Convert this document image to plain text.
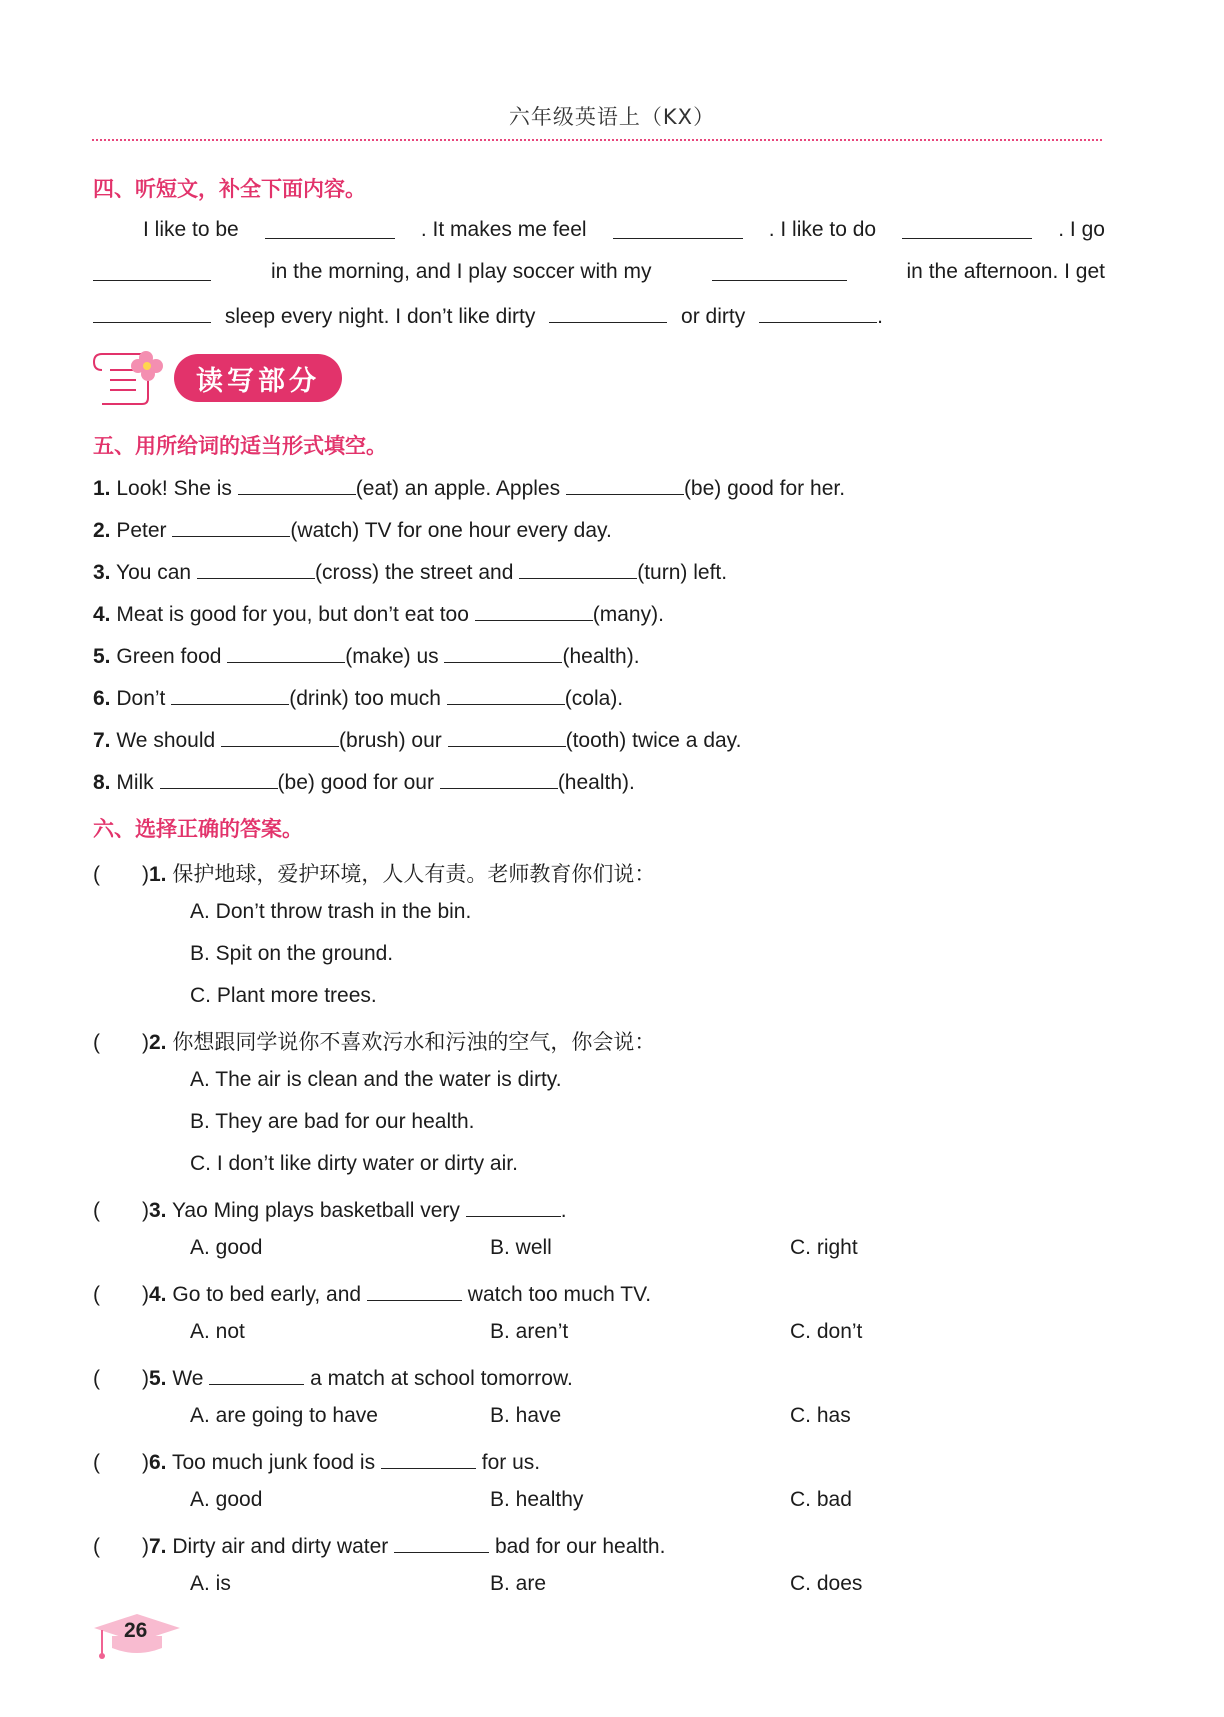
六年级英语上（KX）
四、听短文，补全下面内容。
I like to be	. It makes me feel	. I like to do	. I go
in the morning, and I play soccer with my	in the afternoon. I get
sleep every night. I don’t like dirty	or dirty	.
读写部分
五、用所给词的适当形式填空。
1. Look! She is	(eat) an apple. Apples	(be) good for her.
2. Peter	(watch) TV for one hour every day.
3. You can	(cross) the street and	(turn) left.
4. Meat is good for you, but don’t eat too	(many).
5. Green food	(make) us	(health).
6. Don’t	(drink) too much	(cola).
7. We should	(brush) our	(tooth) twice a day.
8. Milk	(be) good for our	(health).
六、选择正确的答案。
(　　)1. 保护地球，爱护环境，人人有责。老师教育你们说：
A. Don’t throw trash in the bin.
B. Spit on the ground.
C. Plant more trees.
(　　)2. 你想跟同学说你不喜欢污水和污浊的空气，你会说：
A. The air is clean and the water is dirty.
B. They are bad for our health.
C. I don’t like dirty water or dirty air.
(　　)3. Yao Ming plays basketball very	.
A. good	B. well	C. right
(　　)4. Go to bed early, and	watch too much TV.
A. not	B. aren’t	C. don’t
(　　)5. We	a match at school tomorrow.
A. are going to have	B. have	C. has
(　　)6. Too much junk food is	for us.
A. good	B. healthy	C. bad
(　　)7. Dirty air and dirty water	bad for our health.
A. is	B. are	C. does
26
